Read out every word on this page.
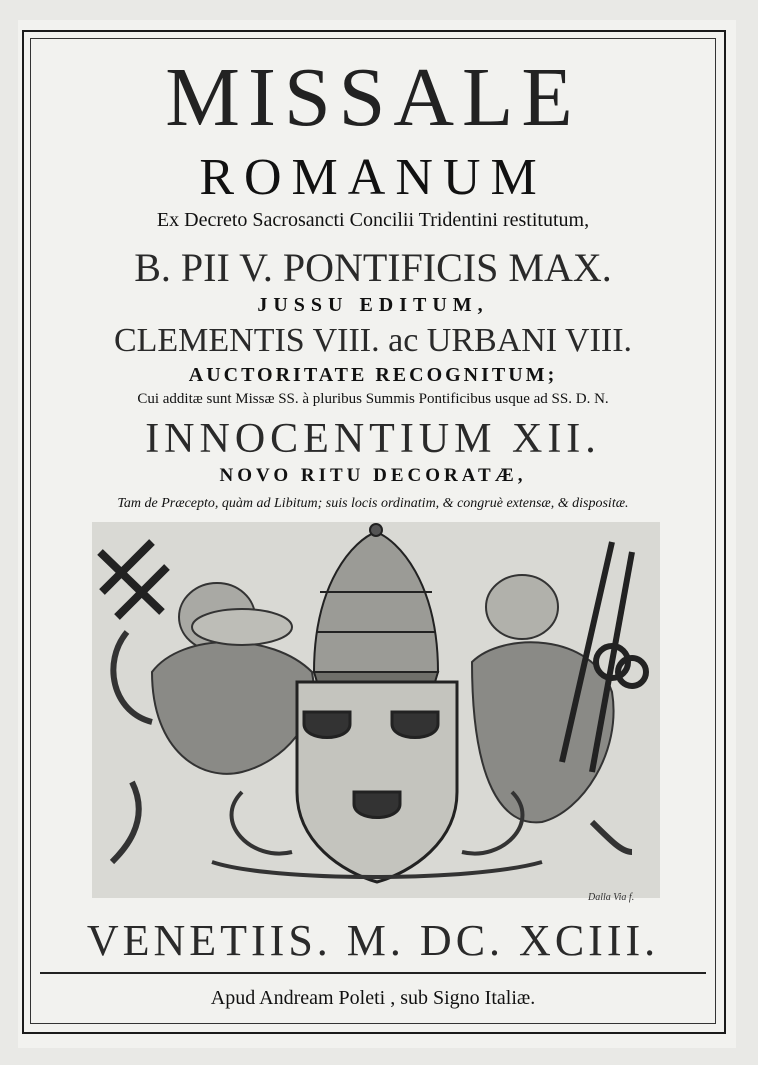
MISSALE
ROMANUM
Ex Decreto Sacrosancti Concilii Tridentini restitutum,
B. PII V. PONTIFICIS MAX.
JUSSU EDITUM,
CLEMENTIS VIII. ac URBANI VIII.
AUCTORITATE RECOGNITUM;
Cui additæ sunt Missæ SS. à pluribus Summis Pontificibus usque ad SS. D. N.
INNOCENTIUM XII.
NOVO RITU DECORATÆ,
Tam de Præcepto, quàm ad Libitum; suis locis ordinatim, & congruè extensæ, & dispositæ.
Dalla Via f.
VENETIIS. M. DC. XCIII.
Apud Andream Poleti , sub Signo Italiæ.
